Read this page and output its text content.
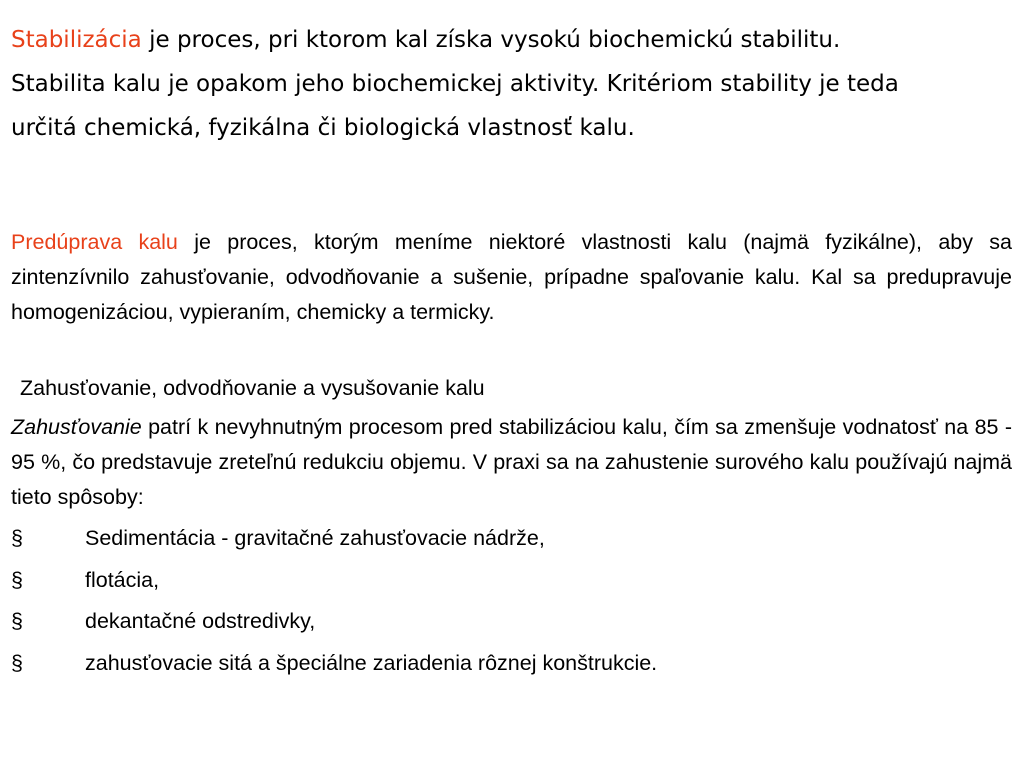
Stabilizácia je proces, pri ktorom kal získa vysokú biochemickú stabilitu. Stabilita kalu je opakom jeho biochemickej aktivity. Kritériom stability je teda určitá chemická, fyzikálna či biologická vlastnosť kalu.

Predúprava kalu je proces, ktorým meníme niektoré vlastnosti kalu (najmä fyzikálne), aby sa zintenzívnilo zahusťovanie, odvodňovanie a sušenie, prípadne spaľovanie kalu. Kal sa predupravuje homogenizáciou, vypieraním, chemicky a termicky.

Zahusťovanie, odvodňovanie a vysušovanie kalu

Zahusťovanie patrí k nevyhnutným procesom pred stabilizáciou kalu, čím sa zmenšuje vodnatosť na 85 - 95 %, čo predstavuje zreteľnú redukciu objemu. V praxi sa na zahustenie surového kalu používajú najmä tieto spôsoby:

§	Sedimentácia - gravitačné zahusťovacie nádrže,
§	flotácia,
§	dekantačné odstredivky,
§	zahusťovacie sitá a špeciálne zariadenia rôznej konštrukcie.
